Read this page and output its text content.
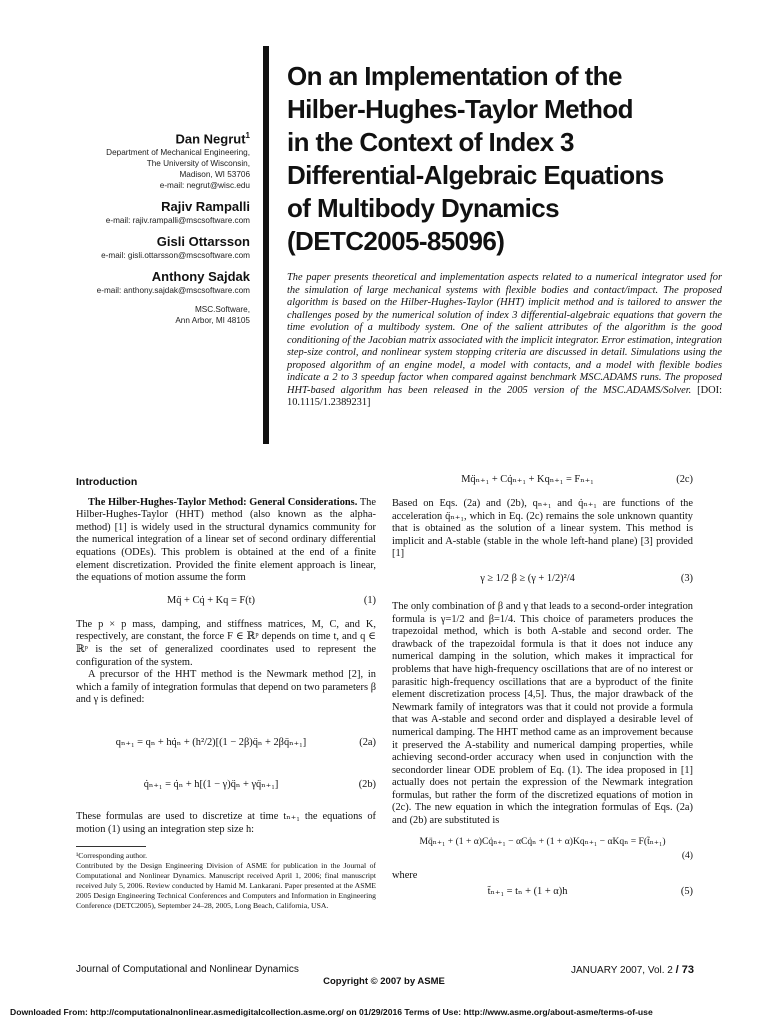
Dan Negrut$^1$
Department of Mechanical Engineering,
The University of Wisconsin,
Madison, WI 53706
e-mail: negrut@wisc.edu
Rajiv Rampalli
e-mail: rajiv.rampalli@mscsoftware.com
Gisli Ottarsson
e-mail: gisli.ottarsson@mscsoftware.com
Anthony Sajdak
e-mail: anthony.sajdak@mscsoftware.com
MSC.Software,
Ann Arbor, MI 48105
On an Implementation of the
Hilber-Hughes-Taylor Method
in the Context of Index 3
Differential-Algebraic Equations
of Multibody Dynamics
(DETC2005-85096)
The paper presents theoretical and implementation aspects related to a numerical integrator used for the simulation of large mechanical systems with flexible bodies and contact/impact. The proposed algorithm is based on the Hilber-Hughes-Taylor (HHT) implicit method and is tailored to answer the challenges posed by the numerical solution of index 3 differential-algebraic equations that govern the time evolution of a multibody system. One of the salient attributes of the algorithm is the good conditioning of the Jacobian matrix associated with the implicit integrator. Error estimation, integration step-size control, and nonlinear system stopping criteria are discussed in detail. Simulations using the proposed algorithm of an engine model, a model with contacts, and a model with flexible bodies indicate a 2 to 3 speedup factor when compared against benchmark MSC.ADAMS runs. The proposed HHT-based algorithm has been released in the 2005 version of the MSC.ADAMS/Solver. [DOI: 10.1115/1.2389231]
Introduction

The Hilber-Hughes-Taylor Method: General Considerations. The Hilber-Hughes-Taylor (HHT) method (also known as the alpha-method) [1] is widely used in the structural dynamics community for the numerical integration of a linear set of second ordinary differential equations (ODEs). This problem is obtained at the end of a finite element discretization. Provided the finite element approach is linear, the equations of motion assume the form

Mq̈ + Cq̇ + Kq = F(t)	(1)

The p × p mass, damping, and stiffness matrices, M, C, and K, respectively, are constant, the force F ∈ ℝᵖ depends on time t, and q ∈ ℝᵖ is the set of generalized coordinates used to represent the configuration of the system.

A precursor of the HHT method is the Newmark method [2], in which a family of integration formulas that depend on two parameters β and γ is defined:

qₙ₊₁ = qₙ + hq̇ₙ + (h²/2)[(1 − 2β)q̈ₙ + 2βq̈ₙ₊₁]	(2a)
q̇ₙ₊₁ = q̇ₙ + h[(1 − γ)q̈ₙ + γq̈ₙ₊₁]	(2b)

These formulas are used to discretize at time tₙ₊₁ the equations of motion (1) using an integration step size h:

¹Corresponding author.
Contributed by the Design Engineering Division of ASME for publication in the Journal of Computational and Nonlinear Dynamics. Manuscript received April 1, 2006; final manuscript received July 5, 2006. Review conducted by Hamid M. Lankarani. Paper presented at the ASME 2005 Design Engineering Technical Conferences and Computers and Information in Engineering Conference (DETC2005), September 24–28, 2005, Long Beach, California, USA.
Mq̈ₙ₊₁ + Cq̇ₙ₊₁ + Kqₙ₊₁ = Fₙ₊₁	(2c)

Based on Eqs. (2a) and (2b), qₙ₊₁ and q̇ₙ₊₁ are functions of the acceleration q̈ₙ₊₁, which in Eq. (2c) remains the sole unknown quantity that is obtained as the solution of a linear system. This method is implicit and A-stable (stable in the whole left-hand plane) [3] provided [1]

γ ≥ 1/2 β ≥ (γ + 1/2)²/4	(3)

The only combination of β and γ that leads to a second-order integration formula is γ=1/2 and β=1/4. This choice of parameters produces the trapezoidal method, which is both A-stable and second order. The drawback of the trapezoidal formula is that it does not induce any numerical damping in the solution, which makes it impractical for problems that have high-frequency oscillations that are of no interest or parasitic high-frequency oscillations that are a byproduct of the finite element discretization process [4,5]. Thus, the major drawback of the Newmark family of integrators was that it could not provide a formula that was A-stable and second order and displayed a desirable level of numerical damping. The HHT method came as an improvement because it preserved the A-stability and numerical damping properties, while achieving second-order accuracy when used in conjunction with the secondorder linear ODE problem of Eq. (1). The idea proposed in [1] actually does not pertain the expression of the Newmark integration formulas, but rather the form of the discretized equations of motion in (2c). The new equation in which the integration formulas of Eqs. (2a) and (2b) are substituted is

Mq̈ₙ₊₁ + (1 + α)Cq̇ₙ₊₁ − αCq̇ₙ + (1 + α)Kqₙ₊₁ − αKqₙ = F(t̃ₙ₊₁)
(4)

where

t̃ₙ₊₁ = tₙ + (1 + α)h	(5)
Journal of Computational and Nonlinear Dynamics	JANUARY 2007, Vol. 2 / 73
Copyright © 2007 by ASME
Downloaded From: http://computationalnonlinear.asmedigitalcollection.asme.org/ on 01/29/2016 Terms of Use: http://www.asme.org/about-asme/terms-of-use
